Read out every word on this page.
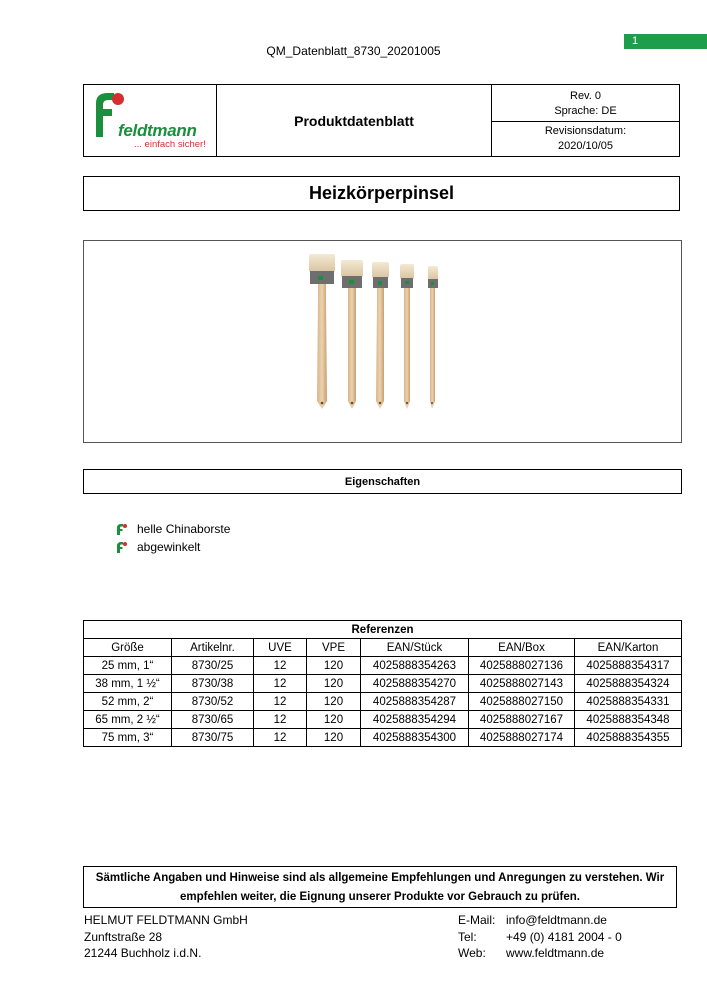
QM_Datenblatt_8730_20201005
1
feldtmann
... einfach sicher!
Produktdatenblatt
Rev. 0
Sprache: DE
Revisionsdatum:
2020/10/05
Heizkörperpinsel
Eigenschaften
helle Chinaborste
abgewinkelt
Referenzen						
Größe	Artikelnr.	UVE	VPE	EAN/Stück	EAN/Box	EAN/Karton
25 mm, 1“	8730/25	12	120	4025888354263	4025888027136	4025888354317
38 mm, 1 ½“	8730/38	12	120	4025888354270	4025888027143	4025888354324
52 mm, 2“	8730/52	12	120	4025888354287	4025888027150	4025888354331
65 mm, 2 ½“	8730/65	12	120	4025888354294	4025888027167	4025888354348
75 mm, 3“	8730/75	12	120	4025888354300	4025888027174	4025888354355
Sämtliche Angaben und Hinweise sind als allgemeine Empfehlungen und Anregungen zu verstehen. Wir
empfehlen weiter, die Eignung unserer Produkte vor Gebrauch zu prüfen.
HELMUT FELDTMANN GmbH
Zunftstraße 28
21244 Buchholz i.d.N.
E-Mail: info@feldtmann.de
Tel:	+49 (0) 4181 2004 - 0
Web:	www.feldtmann.de
